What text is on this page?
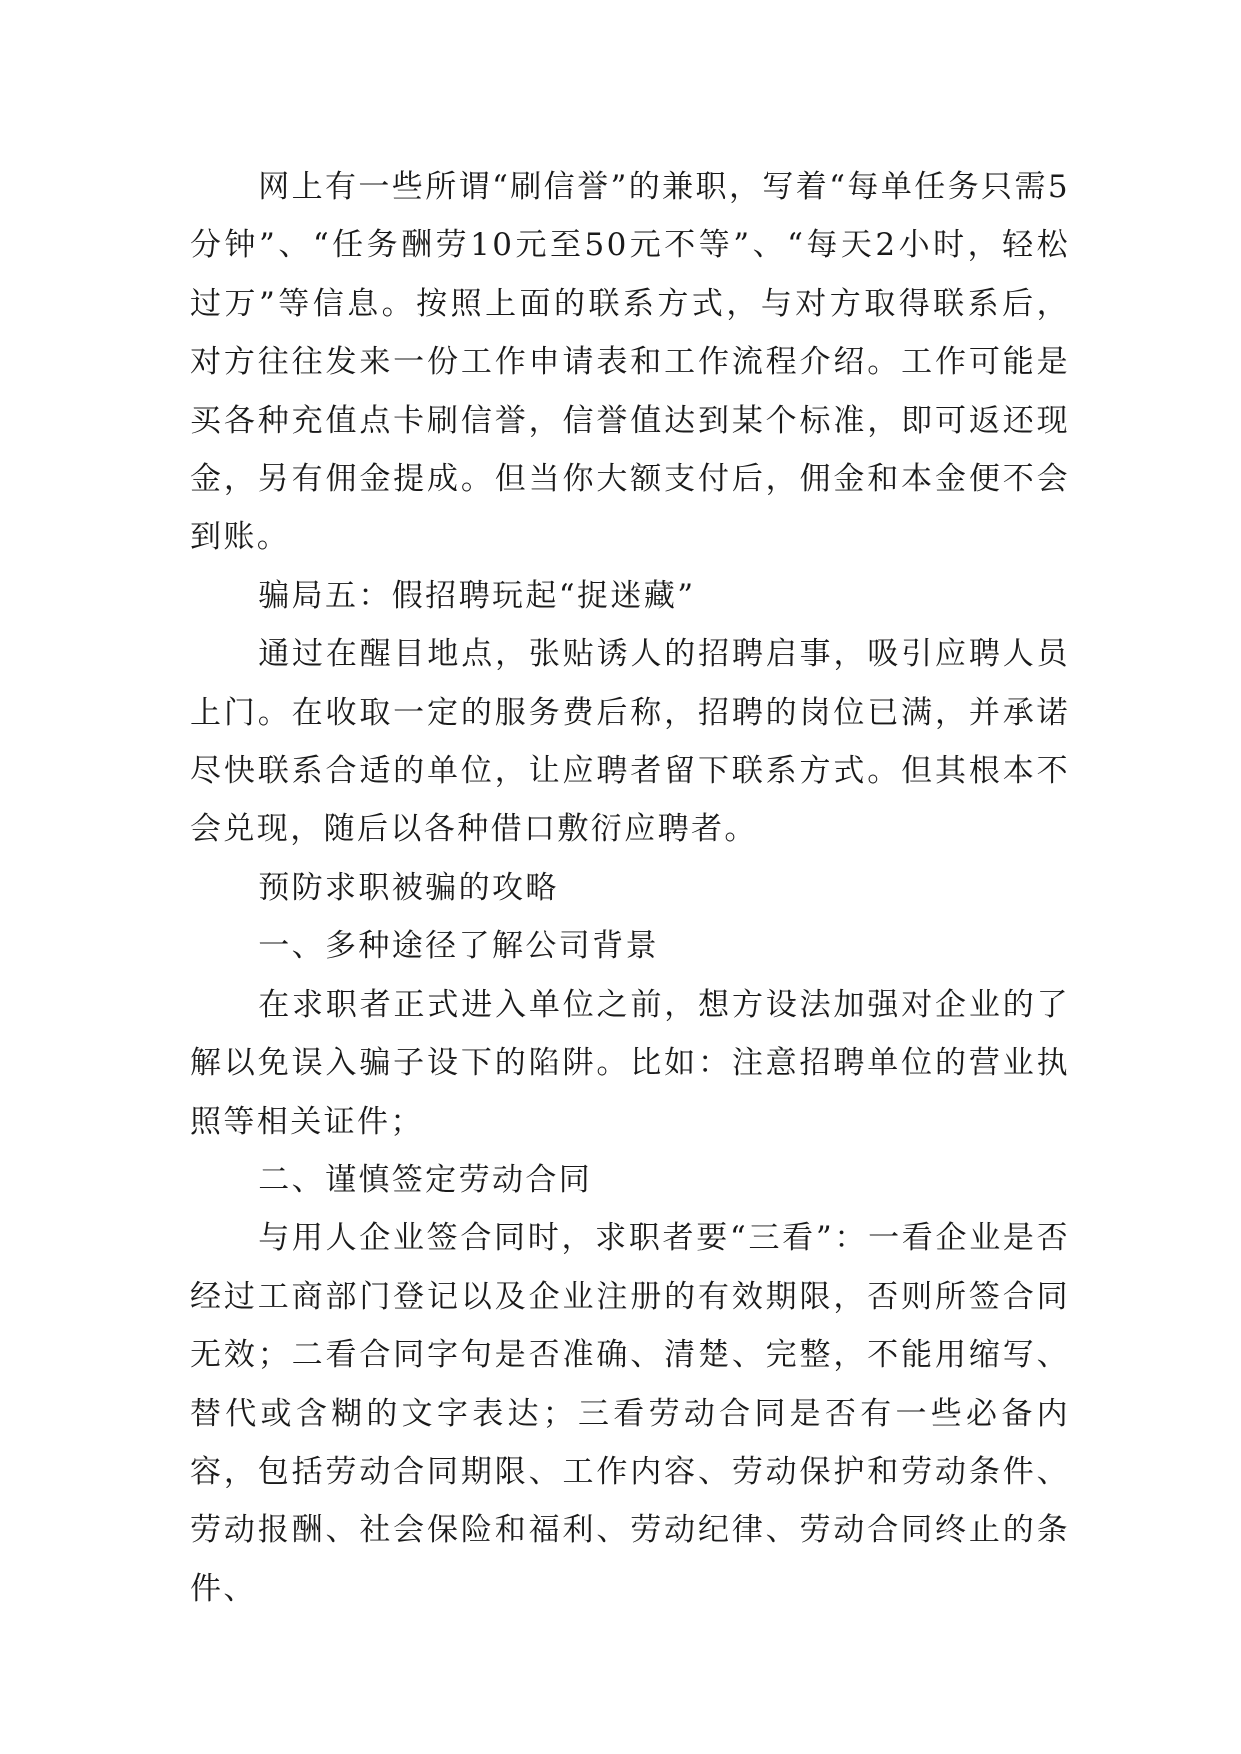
网上有一些所谓“刷信誉”的兼职，写着“每单任务只需5分钟”、“任务酬劳10元至50元不等”、“每天2小时，轻松过万”等信息。按照上面的联系方式，与对方取得联系后，对方往往发来一份工作申请表和工作流程介绍。工作可能是买各种充值点卡刷信誉，信誉值达到某个标准，即可返还现金，另有佣金提成。但当你大额支付后，佣金和本金便不会到账。

骗局五：假招聘玩起“捉迷藏”

通过在醒目地点，张贴诱人的招聘启事，吸引应聘人员上门。在收取一定的服务费后称，招聘的岗位已满，并承诺尽快联系合适的单位，让应聘者留下联系方式。但其根本不会兑现，随后以各种借口敷衍应聘者。

预防求职被骗的攻略

一、多种途径了解公司背景

在求职者正式进入单位之前，想方设法加强对企业的了解以免误入骗子设下的陷阱。比如：注意招聘单位的营业执照等相关证件；

二、谨慎签定劳动合同

与用人企业签合同时，求职者要“三看”：一看企业是否经过工商部门登记以及企业注册的有效期限，否则所签合同无效；二看合同字句是否准确、清楚、完整，不能用缩写、替代或含糊的文字表达；三看劳动合同是否有一些必备内容，包括劳动合同期限、工作内容、劳动保护和劳动条件、劳动报酬、社会保险和福利、劳动纪律、劳动合同终止的条件、
